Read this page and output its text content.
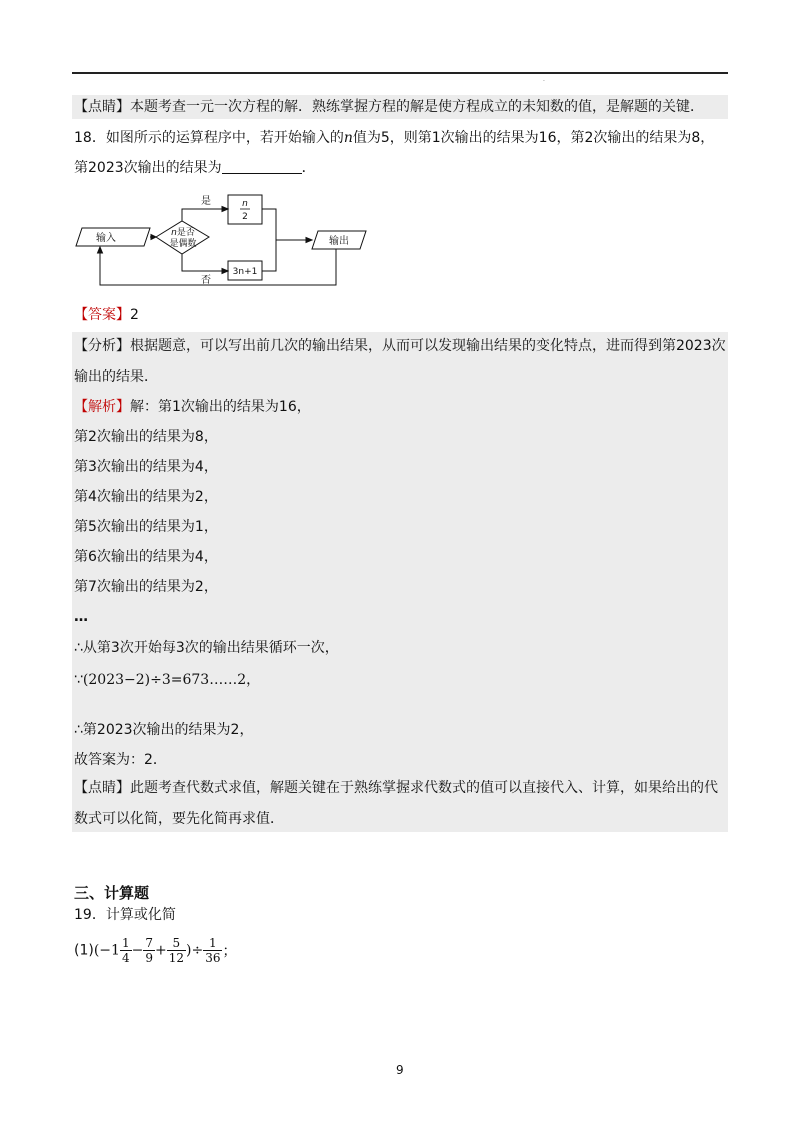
.
【点睛】本题考查一元一次方程的解．熟练掌握方程的解是使方程成立的未知数的值，是解题的关键．
18．如图所示的运算程序中，若开始输入的n值为5，则第1次输出的结果为16，第2次输出的结果为8，
第2023次输出的结果为	．
输入	n是否
是偶数
是
否
n
2
3n+1
输出
【答案】2
【分析】根据题意，可以写出前几次的输出结果，从而可以发现输出结果的变化特点，进而得到第2023次
输出的结果．
【解析】解：第1次输出的结果为16，
第2次输出的结果为8，
第3次输出的结果为4，
第4次输出的结果为2，
第5次输出的结果为1，
第6次输出的结果为4，
第7次输出的结果为2，
…
∴从第3次开始每3次的输出结果循环一次，
∵(2023−2)÷3=673……2，
∴第2023次输出的结果为2，
故答案为：2．
【点睛】此题考查代数式求值，解题关键在于熟练掌握求代数式的值可以直接代入、计算，如果给出的代
数式可以化简，要先化简再求值．
三、计算题
19．计算或化简
$(1)(-1 \frac{1}{4} - \frac{7}{9} + \frac{5}{12}$ )÷ $\frac{1}{36}$ ；
9
